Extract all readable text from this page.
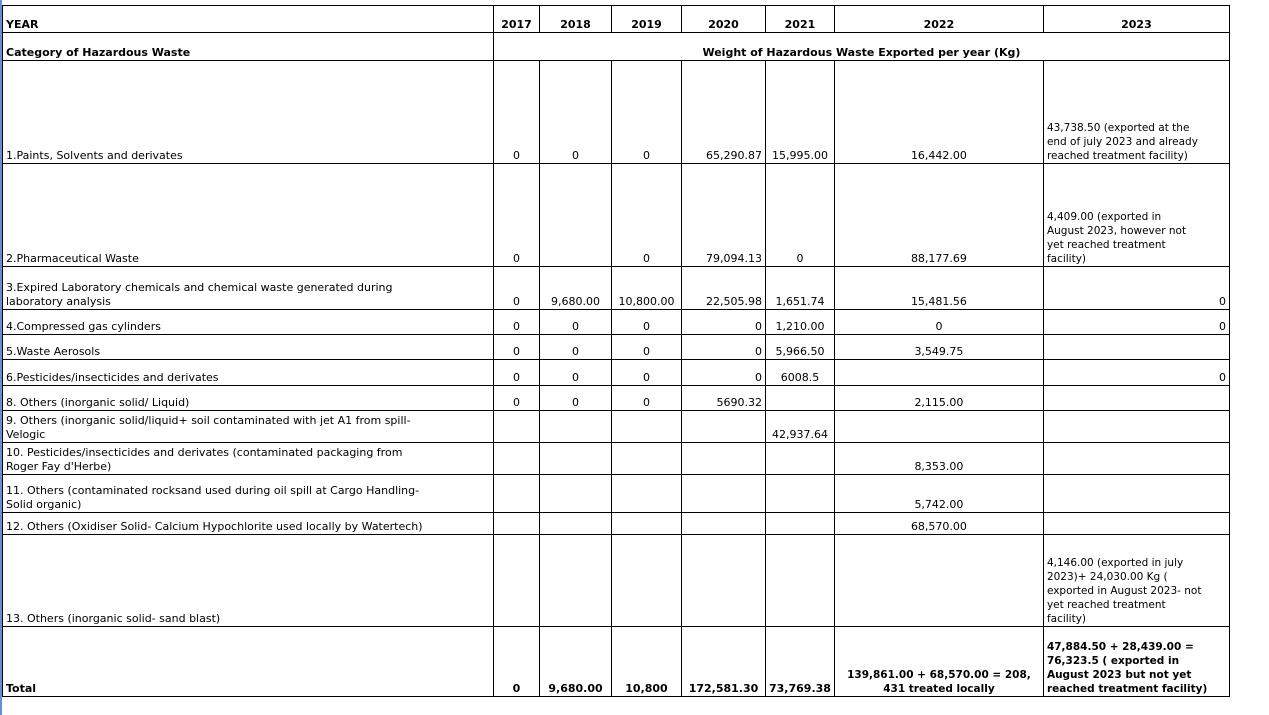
YEAR	2017	2018	2019	2020	2021	2022	2023
Category of Hazardous Waste	Weight of Hazardous Waste Exported per year (Kg)						

1.Paints, Solvents and derivates	0	0	0	65,290.87	15,995.00	16,442.00	43,738.50 (exported at the
end of july 2023 and already
reached treatment facility)

2.Pharmaceutical Waste	0		0	79,094.13	0	88,177.69	4,409.00 (exported in
August 2023, however not
yet reached treatment
facility)

3.Expired Laboratory chemicals and chemical waste generated during
laboratory analysis	0	9,680.00	10,800.00	22,505.98	1,651.74	15,481.56	0

4.Compressed gas cylinders	0	0	0	0	1,210.00	0	0

5.Waste Aerosols	0	0	0	0	5,966.50	3,549.75	

6.Pesticides/insecticides and derivates	0	0	0	0	6008.5		0

8. Others (inorganic solid/ Liquid)	0	0	0	5690.32		2,115.00	

9. Others (inorganic solid/liquid+ soil contaminated with jet A1 from spill-
Velogic					42,937.64		

10. Pesticides/insecticides and derivates (contaminated packaging from
Roger Fay d'Herbe)						8,353.00	

11. Others (contaminated rocksand used during oil spill at Cargo Handling-
Solid organic)						5,742.00	

12. Others (Oxidiser Solid- Calcium Hypochlorite used locally by Watertech)						68,570.00	

13. Others (inorganic solid- sand blast)							4,146.00 (exported in july
2023)+ 24,030.00 Kg (
exported in August 2023- not
yet reached treatment
facility)

Total	0	9,680.00	10,800	172,581.30	73,769.38	139,861.00 + 68,570.00 = 208,
431 treated locally	47,884.50 + 28,439.00 =
76,323.5 ( exported in
August 2023 but not yet
reached treatment facility)
